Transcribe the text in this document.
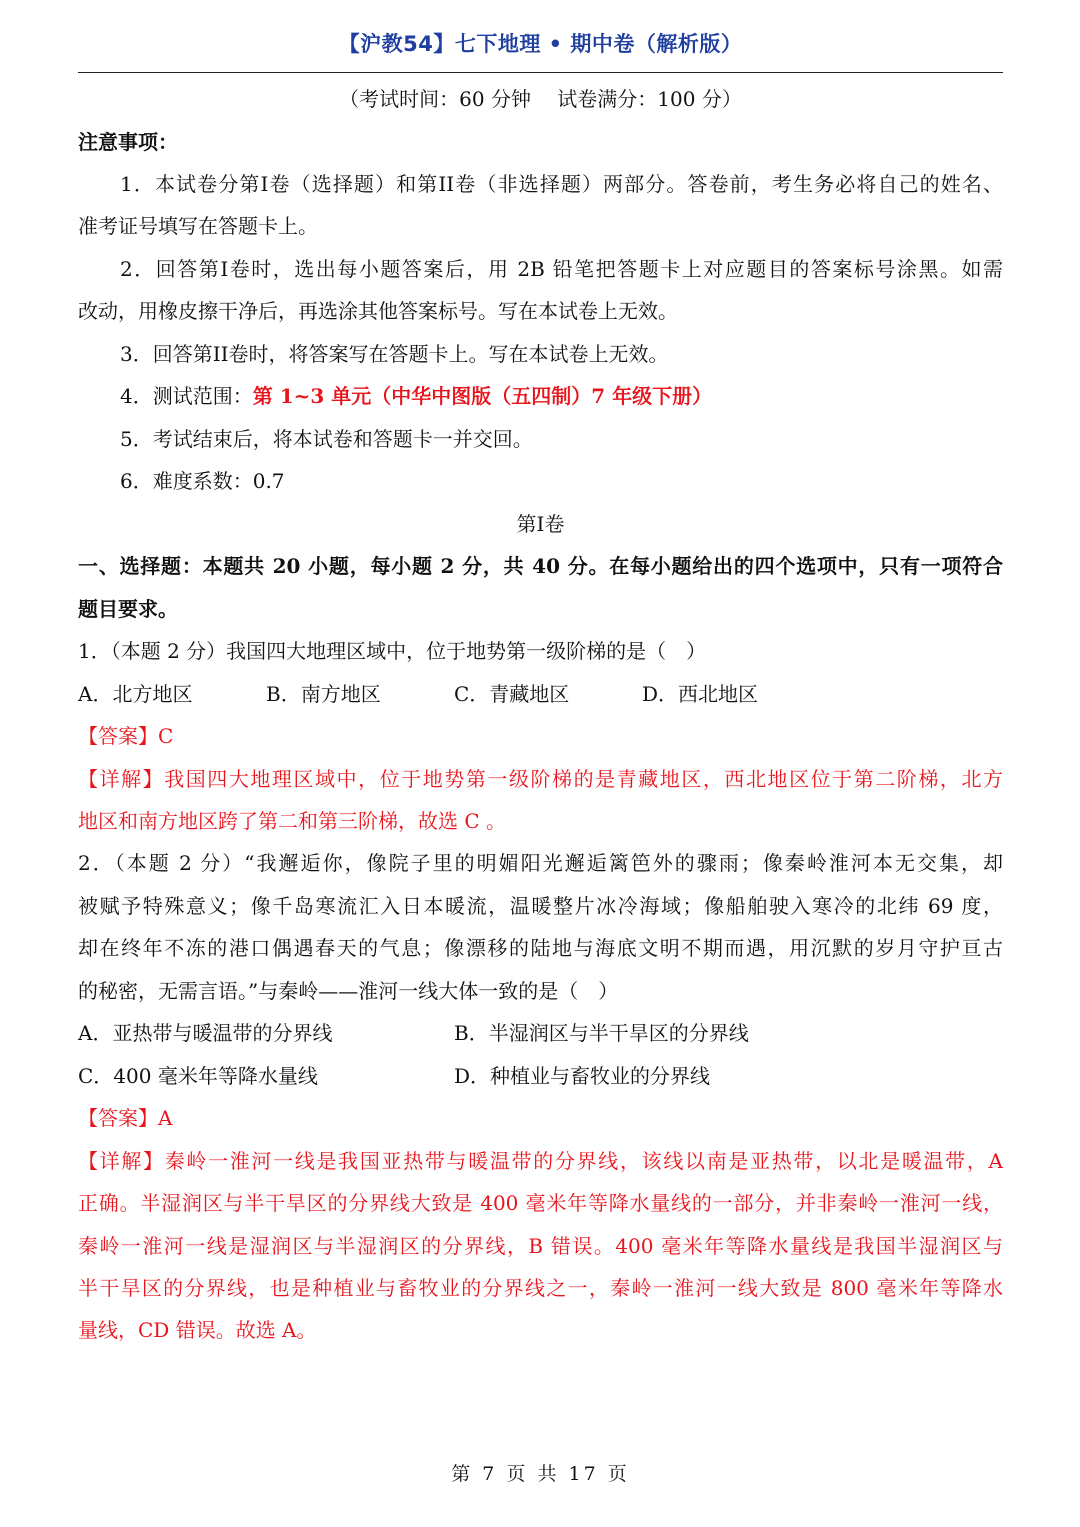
【沪教54】七下地理 • 期中卷（解析版）
（考试时间：60 分钟　 试卷满分：100 分）
注意事项：
1．本试卷分第I卷（选择题）和第II卷（非选择题）两部分。答卷前，考生务必将自己的姓名、
准考证号填写在答题卡上。
2．回答第I卷时，选出每小题答案后，用 2B 铅笔把答题卡上对应题目的答案标号涂黑。如需
改动，用橡皮擦干净后，再选涂其他答案标号。写在本试卷上无效。
3．回答第II卷时，将答案写在答题卡上。写在本试卷上无效。
4．测试范围：第 1~3 单元（中华中图版（五四制）7 年级下册）
5．考试结束后，将本试卷和答题卡一并交回。
6．难度系数：0.7
第I卷
一、选择题：本题共 20 小题，每小题 2 分，共 40 分。在每小题给出的四个选项中，只有一项符合
题目要求。
1．（本题 2 分）我国四大地理区域中，位于地势第一级阶梯的是（　）
A．北方地区	B．南方地区	C．青藏地区	D．西北地区
【答案】C
【详解】我国四大地理区域中，位于地势第一级阶梯的是青藏地区，西北地区位于第二阶梯，北方
地区和南方地区跨了第二和第三阶梯，故选 C 。
2．（本题 2 分）“我邂逅你，像院子里的明媚阳光邂逅篱笆外的骤雨；像秦岭淮河本无交集，却
被赋予特殊意义；像千岛寒流汇入日本暖流，温暖整片冰冷海域；像船舶驶入寒冷的北纬 69 度，
却在终年不冻的港口偶遇春天的气息；像漂移的陆地与海底文明不期而遇，用沉默的岁月守护亘古
的秘密，无需言语。”与秦岭——淮河一线大体一致的是（　）
A．亚热带与暖温带的分界线	B．半湿润区与半干旱区的分界线
C．400 毫米年等降水量线	D．种植业与畜牧业的分界线
【答案】A
【详解】秦岭一淮河一线是我国亚热带与暖温带的分界线，该线以南是亚热带，以北是暖温带，A
正确。半湿润区与半干旱区的分界线大致是 400 毫米年等降水量线的一部分，并非秦岭一淮河一线，
秦岭一淮河一线是湿润区与半湿润区的分界线，B 错误。400 毫米年等降水量线是我国半湿润区与
半干旱区的分界线，也是种植业与畜牧业的分界线之一，秦岭一淮河一线大致是 800 毫米年等降水
量线，CD 错误。故选 A。
第 7 页 共 17 页
